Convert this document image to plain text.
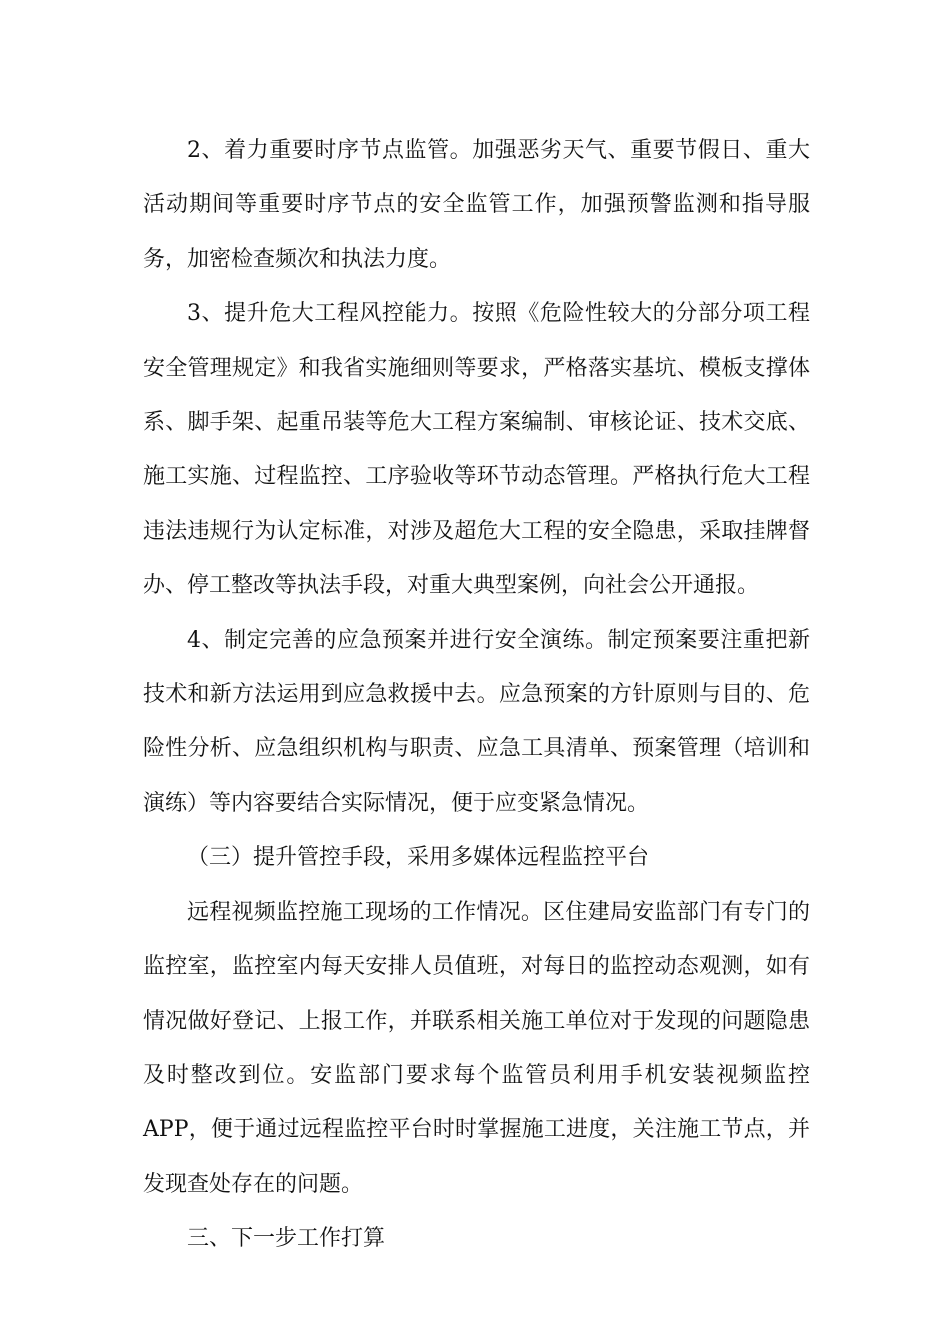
2、着力重要时序节点监管。加强恶劣天气、重要节假日、重大活动期间等重要时序节点的安全监管工作，加强预警监测和指导服务，加密检查频次和执法力度。

3、提升危大工程风控能力。按照《危险性较大的分部分项工程安全管理规定》和我省实施细则等要求，严格落实基坑、模板支撑体系、脚手架、起重吊装等危大工程方案编制、审核论证、技术交底、施工实施、过程监控、工序验收等环节动态管理。严格执行危大工程违法违规行为认定标准，对涉及超危大工程的安全隐患，采取挂牌督办、停工整改等执法手段，对重大典型案例，向社会公开通报。

4、制定完善的应急预案并进行安全演练。制定预案要注重把新技术和新方法运用到应急救援中去。应急预案的方针原则与目的、危险性分析、应急组织机构与职责、应急工具清单、预案管理（培训和演练）等内容要结合实际情况，便于应变紧急情况。

（三）提升管控手段，采用多媒体远程监控平台

远程视频监控施工现场的工作情况。区住建局安监部门有专门的监控室，监控室内每天安排人员值班，对每日的监控动态观测，如有情况做好登记、上报工作，并联系相关施工单位对于发现的问题隐患及时整改到位。安监部门要求每个监管员利用手机安装视频监控APP，便于通过远程监控平台时时掌握施工进度，关注施工节点，并发现查处存在的问题。

三、下一步工作打算
